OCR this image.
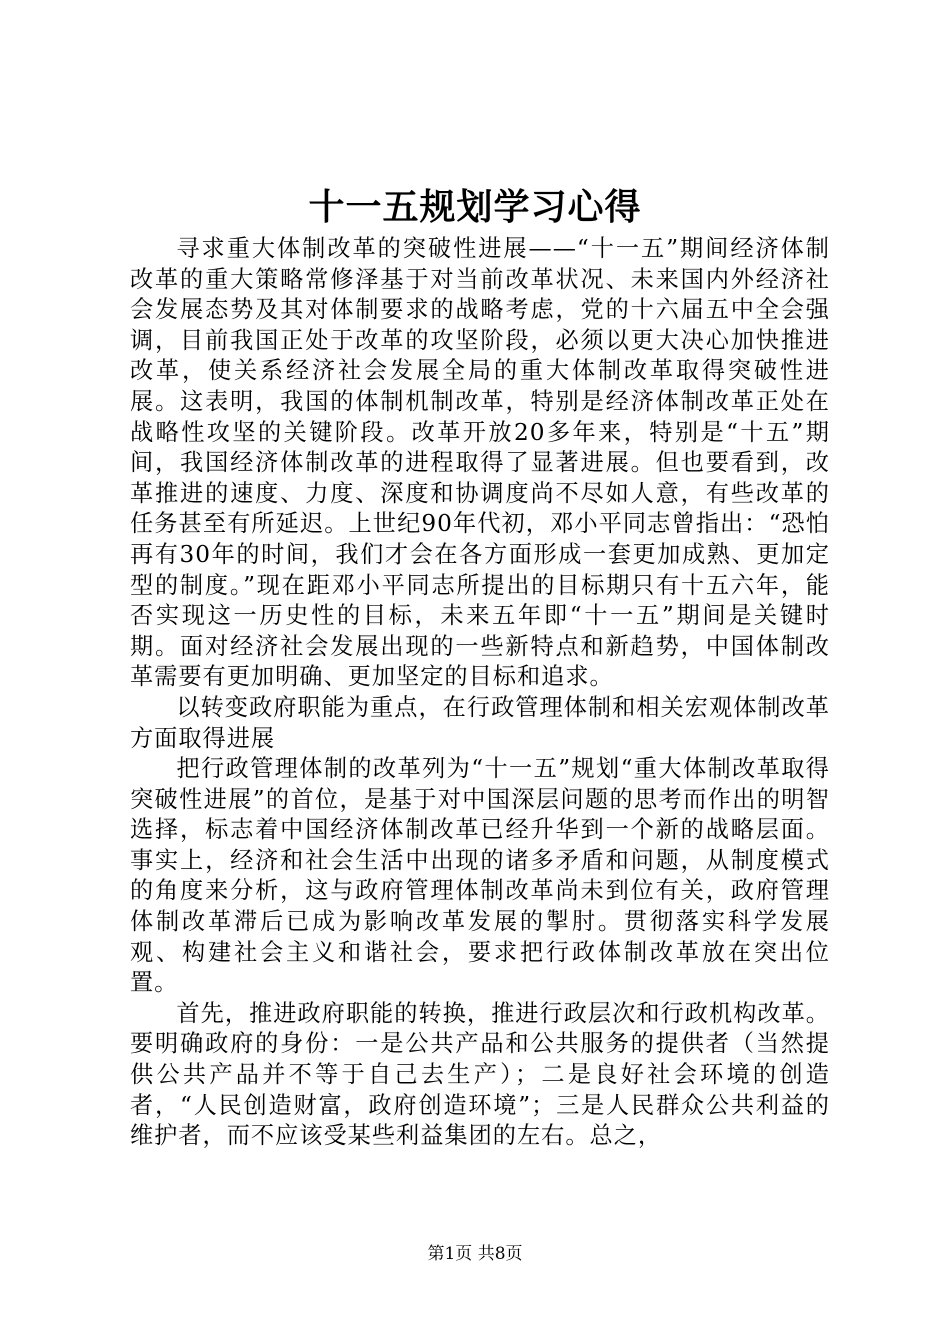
十一五规划学习心得

寻求重大体制改革的突破性进展——“十一五”期间经济体制改革的重大策略常修泽基于对当前改革状况、未来国内外经济社会发展态势及其对体制要求的战略考虑，党的十六届五中全会强调，目前我国正处于改革的攻坚阶段，必须以更大决心加快推进改革，使关系经济社会发展全局的重大体制改革取得突破性进展。这表明，我国的体制机制改革，特别是经济体制改革正处在战略性攻坚的关键阶段。改革开放20多年来，特别是“十五”期间，我国经济体制改革的进程取得了显著进展。但也要看到，改革推进的速度、力度、深度和协调度尚不尽如人意，有些改革的任务甚至有所延迟。上世纪90年代初，邓小平同志曾指出：“恐怕再有30年的时间，我们才会在各方面形成一套更加成熟、更加定型的制度。”现在距邓小平同志所提出的目标期只有十五六年，能否实现这一历史性的目标，未来五年即“十一五”期间是关键时期。面对经济社会发展出现的一些新特点和新趋势，中国体制改革需要有更加明确、更加坚定的目标和追求。

以转变政府职能为重点，在行政管理体制和相关宏观体制改革方面取得进展

把行政管理体制的改革列为“十一五”规划“重大体制改革取得突破性进展”的首位，是基于对中国深层问题的思考而作出的明智选择，标志着中国经济体制改革已经升华到一个新的战略层面。事实上，经济和社会生活中出现的诸多矛盾和问题，从制度模式的角度来分析，这与政府管理体制改革尚未到位有关，政府管理体制改革滞后已成为影响改革发展的掣肘。贯彻落实科学发展观、构建社会主义和谐社会，要求把行政体制改革放在突出位置。

首先，推进政府职能的转换，推进行政层次和行政机构改革。要明确政府的身份：一是公共产品和公共服务的提供者（当然提供公共产品并不等于自己去生产）；二是良好社会环境的创造者，“人民创造财富，政府创造环境”；三是人民群众公共利益的维护者，而不应该受某些利益集团的左右。总之，

第1页 共8页
